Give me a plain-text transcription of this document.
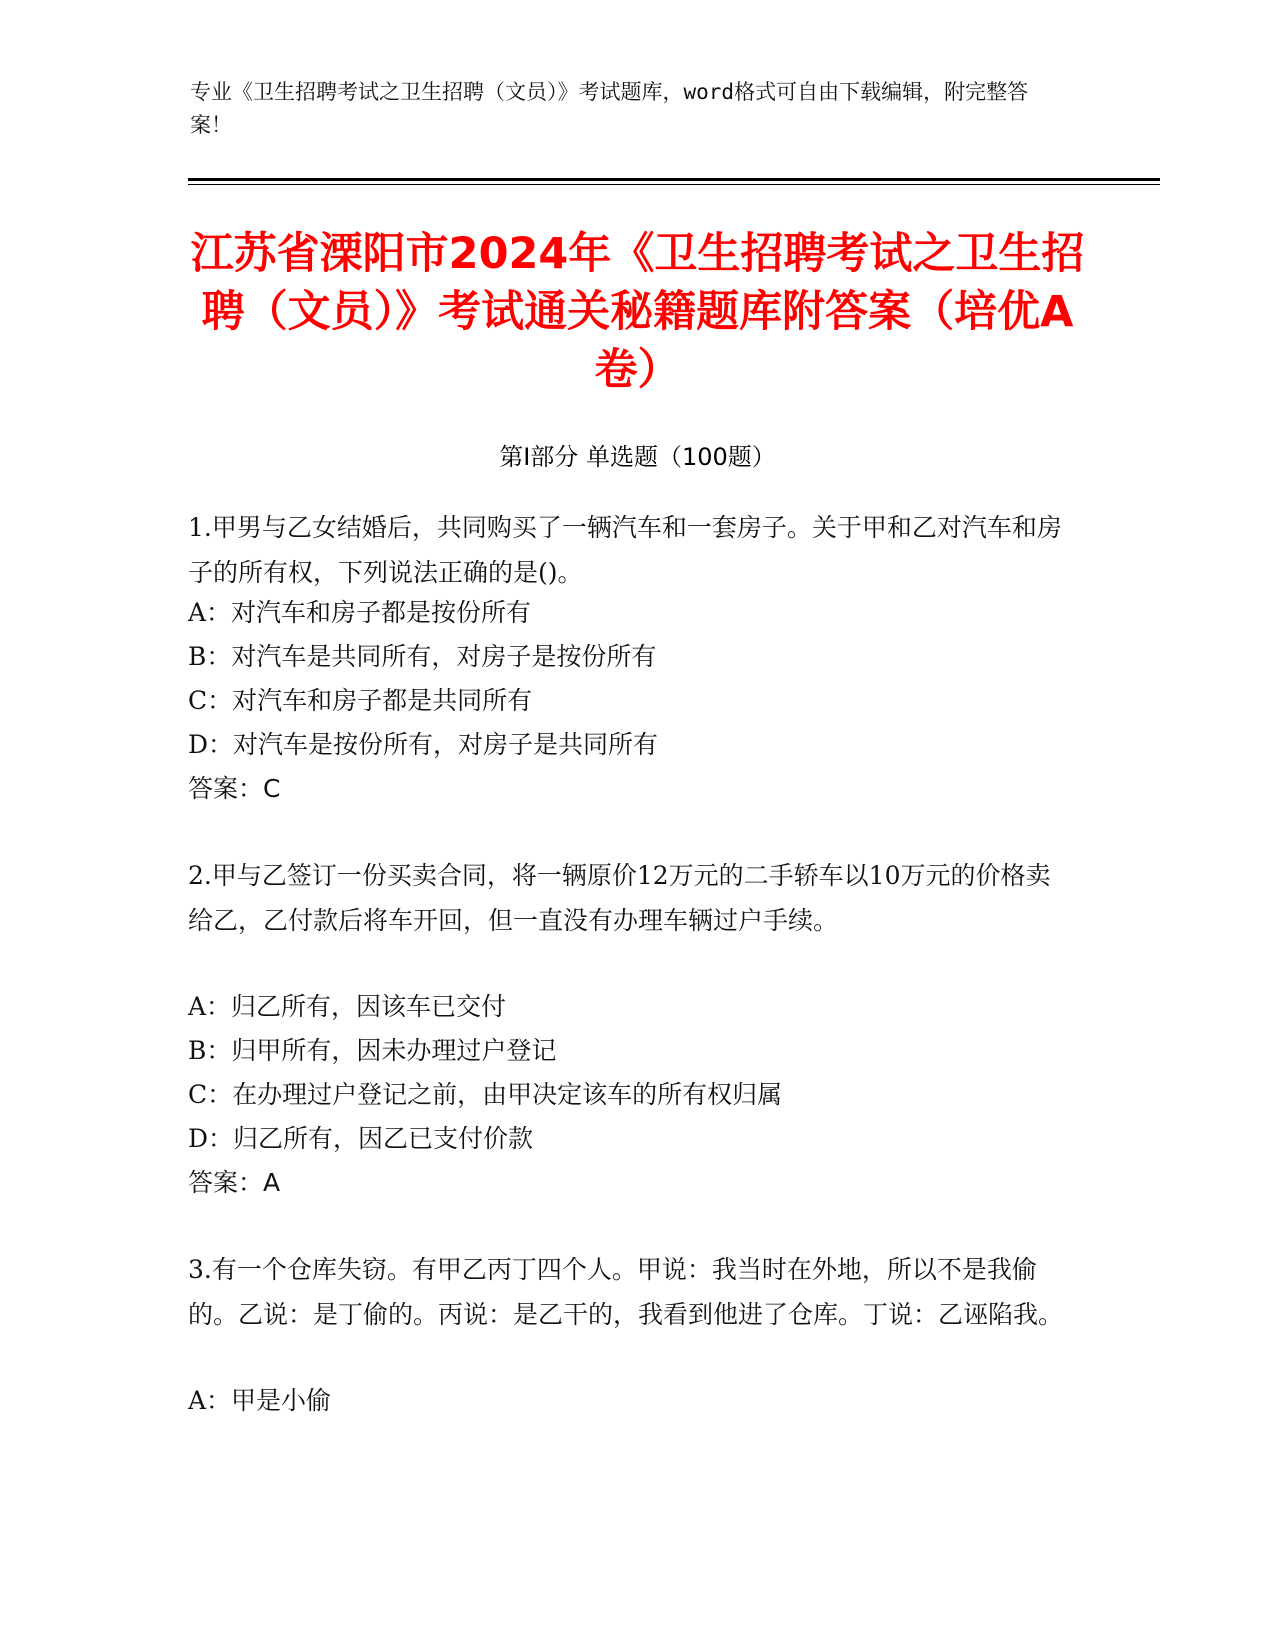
专业《卫生招聘考试之卫生招聘（文员）》考试题库，word格式可自由下载编辑，附完整答案！
江苏省溧阳市2024年《卫生招聘考试之卫生招聘（文员）》考试通关秘籍题库附答案（培优A卷）
第Ⅰ部分 单选题（100题）
1.甲男与乙女结婚后，共同购买了一辆汽车和一套房子。关于甲和乙对汽车和房子的所有权，下列说法正确的是()。
A：对汽车和房子都是按份所有
B：对汽车是共同所有，对房子是按份所有
C：对汽车和房子都是共同所有
D：对汽车是按份所有，对房子是共同所有
答案：C
2.甲与乙签订一份买卖合同，将一辆原价12万元的二手轿车以10万元的价格卖给乙，乙付款后将车开回，但一直没有办理车辆过户手续。
A：归乙所有，因该车已交付
B：归甲所有，因未办理过户登记
C：在办理过户登记之前，由甲决定该车的所有权归属
D：归乙所有，因乙已支付价款
答案：A
3.有一个仓库失窃。有甲乙丙丁四个人。甲说：我当时在外地，所以不是我偷的。乙说：是丁偷的。丙说：是乙干的，我看到他进了仓库。丁说：乙诬陷我。
A：甲是小偷
